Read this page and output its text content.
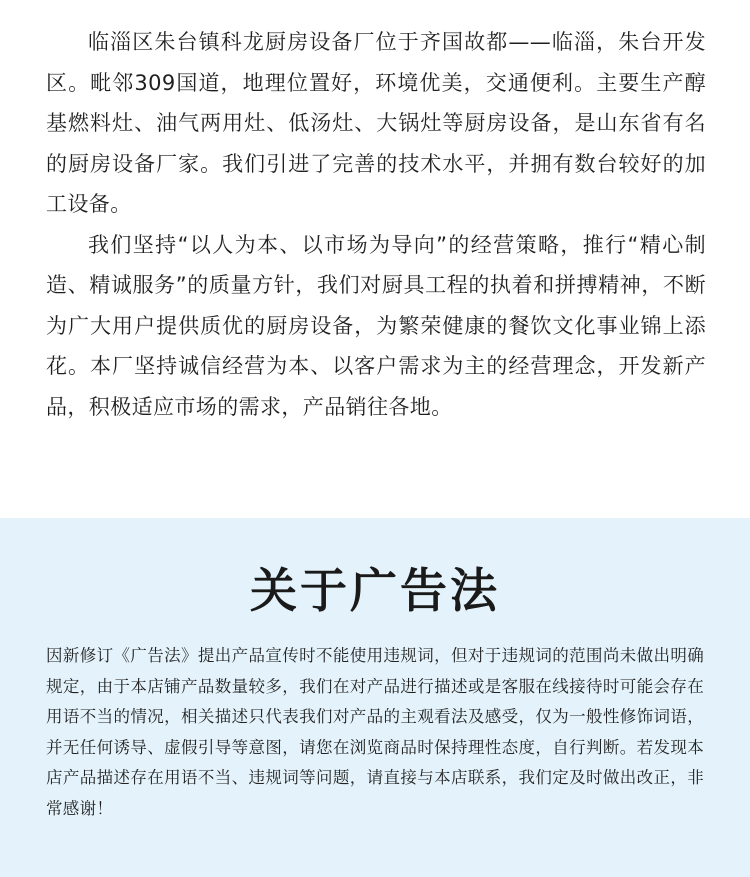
临淄区朱台镇科龙厨房设备厂位于齐国故都——临淄，朱台开发区。毗邻309国道，地理位置好，环境优美，交通便利。主要生产醇基燃料灶、油气两用灶、低汤灶、大锅灶等厨房设备，是山东省有名的厨房设备厂家。我们引进了完善的技术水平，并拥有数台较好的加工设备。

我们坚持“以人为本、以市场为导向”的经营策略，推行“精心制造、精诚服务”的质量方针，我们对厨具工程的执着和拼搏精神，不断为广大用户提供质优的厨房设备，为繁荣健康的餐饮文化事业锦上添花。本厂坚持诚信经营为本、以客户需求为主的经营理念，开发新产品，积极适应市场的需求，产品销往各地。

关于广告法

因新修订《广告法》提出产品宣传时不能使用违规词，但对于违规词的范围尚未做出明确规定，由于本店铺产品数量较多，我们在对产品进行描述或是客服在线接待时可能会存在用语不当的情况，相关描述只代表我们对产品的主观看法及感受，仅为一般性修饰词语，并无任何诱导、虚假引导等意图，请您在浏览商品时保持理性态度，自行判断。若发现本店产品描述存在用语不当、违规词等问题，请直接与本店联系，我们定及时做出改正，非常感谢！
